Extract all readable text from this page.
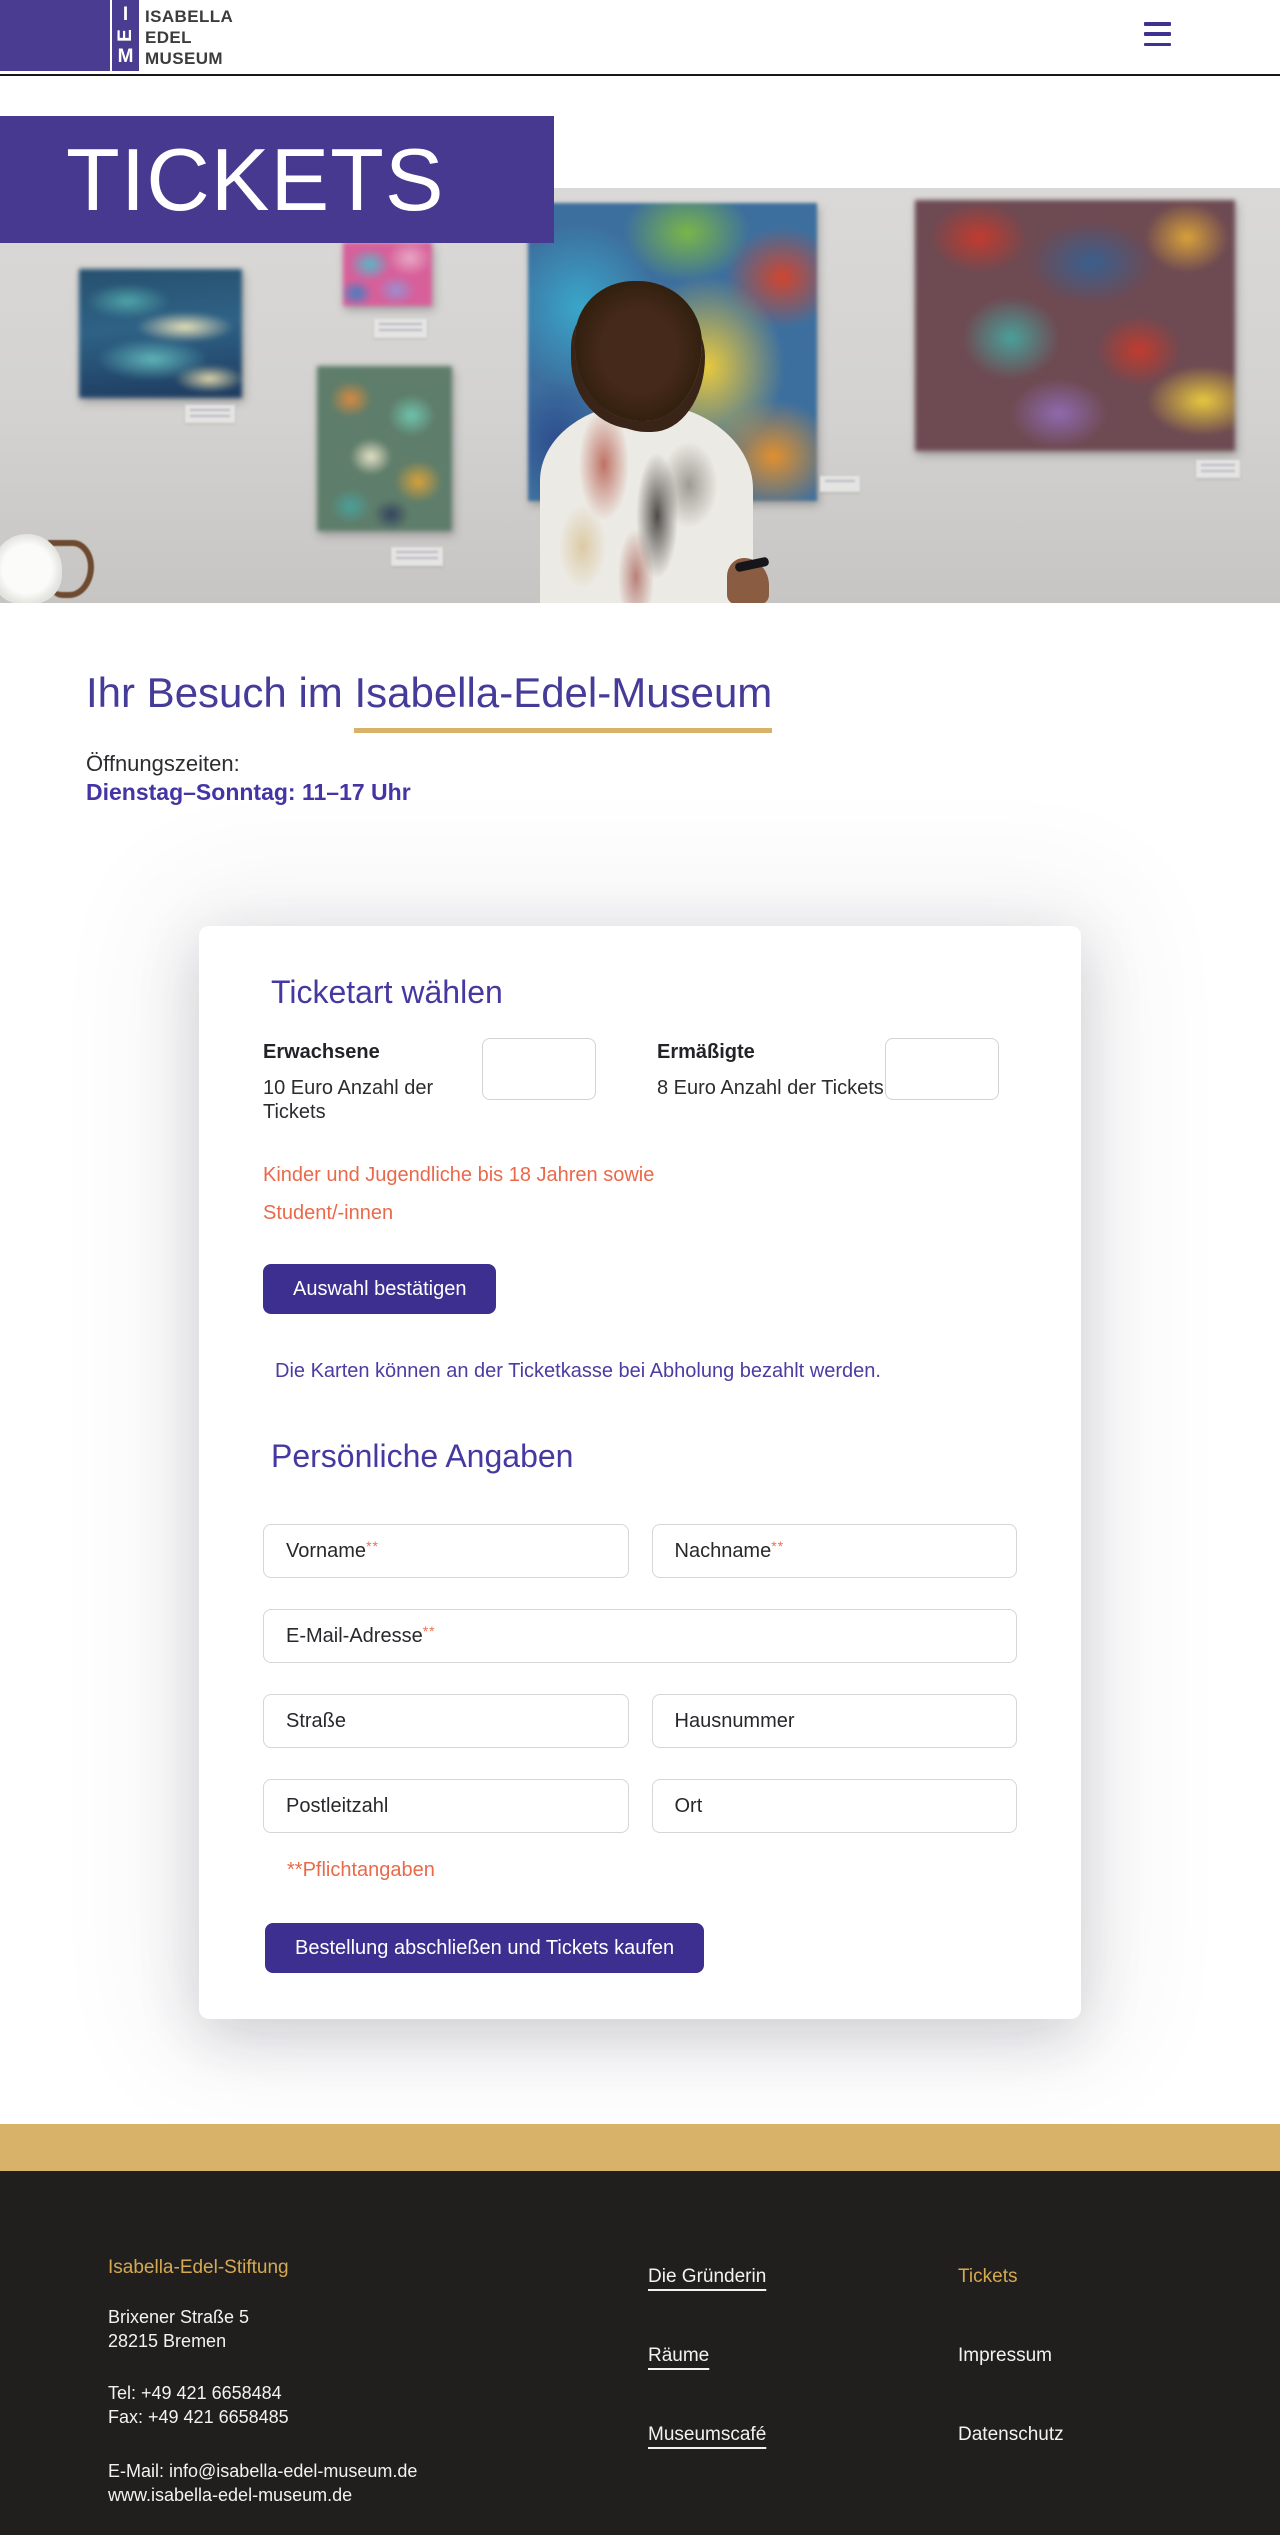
I
E
M
ISABELLA
EDEL
MUSEUM
TICKETS
Ihr Besuch im Isabella-Edel-Museum
Öffnungszeiten:
Dienstag–Sonntag: 11–17 Uhr
Ticketart wählen
Erwachsene
10 Euro Anzahl der Tickets
Ermäßigte
8 Euro Anzahl der Tickets
Kinder und Jugendliche bis 18 Jahren sowie
Student/-innen
Auswahl bestätigen
Die Karten können an der Ticketkasse bei Abholung bezahlt werden.
Persönliche Angaben
Vorname **	Nachname **
E-Mail-Adresse **
Straße	Hausnummer
Postleitzahl	Ort
**Pflichtangaben
Bestellung abschließen und Tickets kaufen
Isabella-Edel-Stiftung
Brixener Straße 5
28215 Bremen
Tel: +49 421 6658484
Fax: +49 421 6658485
E-Mail: info@isabella-edel-museum.de
www.isabella-edel-museum.de
Die Gründerin
Räume
Museumscafé
Tickets
Impressum
Datenschutz
